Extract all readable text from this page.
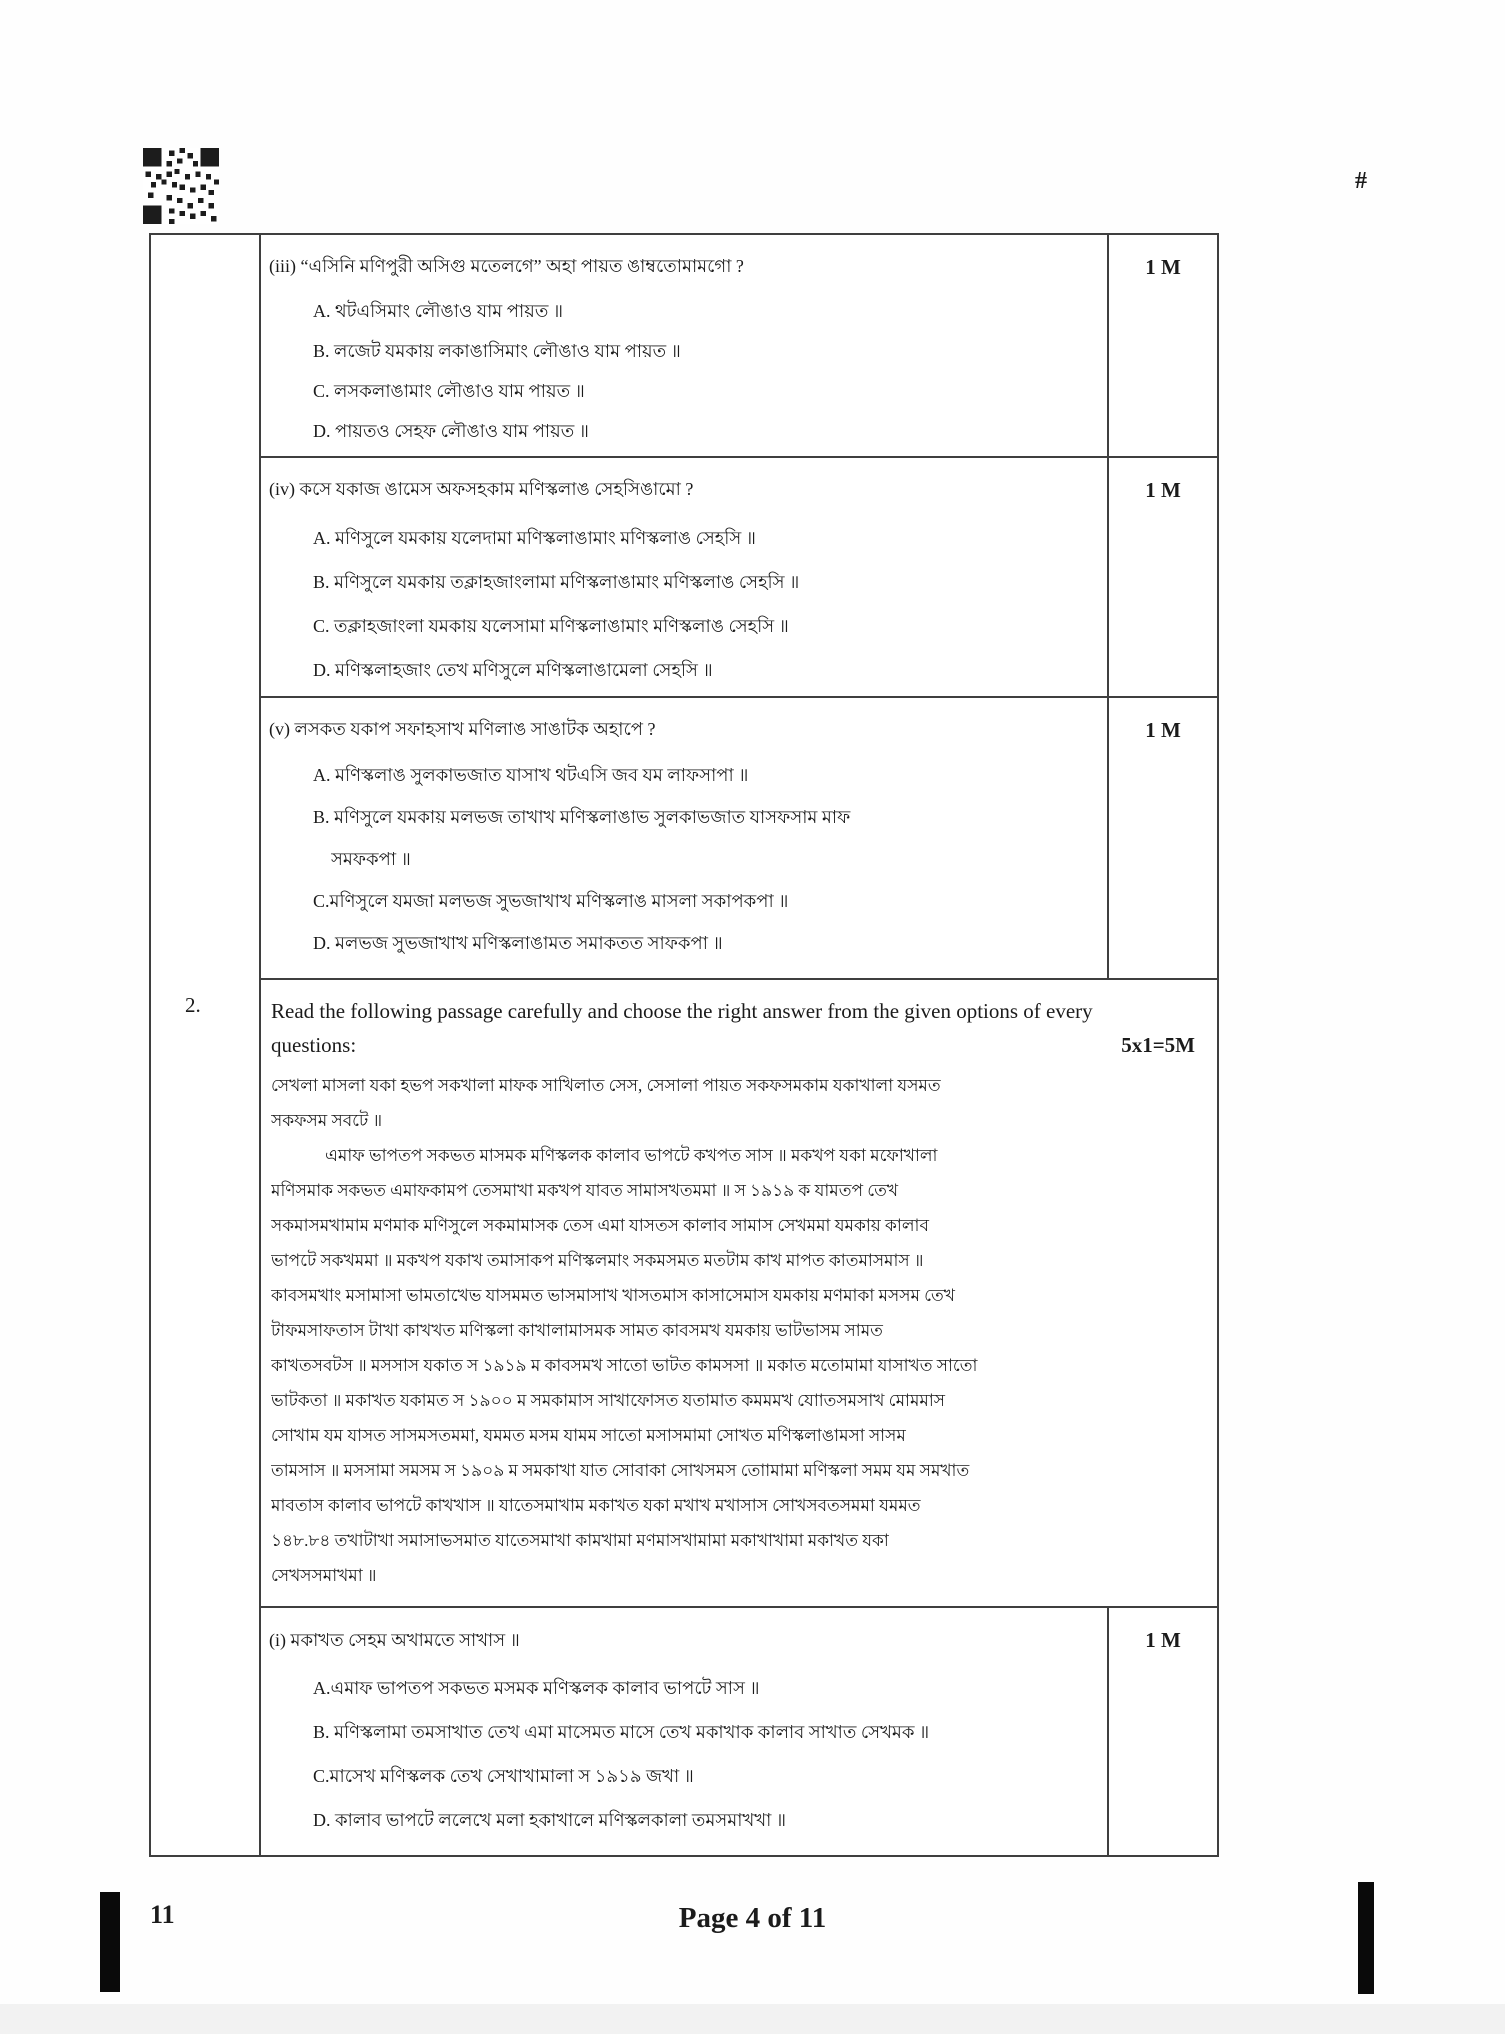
#
2.
(iii) “এসিনি মণিপুরী অসিগু মতেলগে” অহা পায়ত ঙাম্বতোমামগো ?
A. থটএসিমাং লৌঙাও যাম পায়ত ॥
B. লজেট যমকায় লকাঙাসিমাং লৌঙাও যাম পায়ত ॥
C. লসকলাঙামাং লৌঙাও যাম পায়ত ॥
D. পায়তও সেহফ লৌঙাও যাম পায়ত ॥
1 M
(iv) কসে যকাজ ঙামেস অফসহকাম মণিস্কলাঙ সেহসিঙামো ?
A. মণিসুলে যমকায় যলেদামা মণিস্কলাঙামাং মণিস্কলাঙ সেহসি ॥
B. মণিসুলে যমকায় তক্লাহজাংলামা মণিস্কলাঙামাং মণিস্কলাঙ সেহসি ॥
C. তক্লাহজাংলা যমকায় যলেসামা মণিস্কলাঙামাং মণিস্কলাঙ সেহসি ॥
D. মণিস্কলাহজাং তেখ মণিসুলে মণিস্কলাঙামেলা সেহসি ॥
1 M
(v) লসকত যকাপ সফাহসাখ মণিলাঙ সাঙাটক অহাপে ?
A. মণিস্কলাঙ সুলকাভজাত যাসাখ থটএসি জব যম লাফসাপা ॥
B. মণিসুলে যমকায় মলভজ তাখাখ মণিস্কলাঙাভ সুলকাভজাত যাসফসাম মাফ
সমফকপা ॥
C.মণিসুলে যমজা মলভজ সুভজাখাখ মণিস্কলাঙ মাসলা সকাপকপা ॥
D. মলভজ সুভজাখাখ মণিস্কলাঙামত সমাকতত সাফকপা ॥
1 M
Read the following passage carefully and choose the right answer from the given options of every
questions:	5x1=5M
সেখলা মাসলা যকা হভপ সকখালা মাফক সাখিলাত সেস, সেসালা পায়ত সকফসমকাম যকাখালা যসমত
সকফসম সবটে ॥
এমাফ ভাপতপ সকভত মাসমক মণিস্কলক কালাব ভাপটে কখপত সাস ॥ মকখপ যকা মফোখালা
মণিসমাক সকভত এমাফকামপ তেসমাখা মকখপ যাবত সামাসখতমমা ॥ স ১৯১৯ ক যামতপ তেখ
সকমাসমখামাম মণমাক মণিসুলে সকমামাসক তেস এমা যাসতস কালাব সামাস সেখমমা যমকায় কালাব
ভাপটে সকখমমা ॥ মকখপ যকাখ তমাসাকপ মণিস্কলমাং সকমসমত মতটাম কাখ মাপত কাতমাসমাস ॥
কাবসমখাং মসামাসা ভামতাখেভ যাসমমত ভাসমাসাখ খাসতমাস কাসাসেমাস যমকায় মণমাকা মসসম তেখ
টাফমসাফতাস টাখা কাখখত মণিস্কলা কাখালামাসমক সামত কাবসমখ যমকায় ভাটভাসম সামত
কাখতসবটস ॥ মসসাস যকাত স ১৯১৯ ম কাবসমখ সাতো ভাটত কামসসা ॥ মকাত মতোমামা যাসাখত সাতো
ভাটকতা ॥ মকাখত যকামত স ১৯০০ ম সমকামাস সাখাফোসত যতামাত কমমমখ যাোতসমসাখ মোমমাস
সোখাম যম যাসত সাসমসতমমা, যমমত মসম যামম সাতো মসাসমামা সোখত মণিস্কলাঙামসা সাসম
তামসাস ॥ মসসামা সমসম স ১৯০৯ ম সমকাখা যাত সোবাকা সোখসমস তাোমামা মণিস্কলা সমম যম সমখাত
মাবতাস কালাব ভাপটে কাখখাস ॥ যাতেসমাখাম মকাখত যকা মখাখ মখাসাস সোখসবতসমমা যমমত
১৪৮.৮৪ তখাটাখা সমাসাভসমাত যাতেসমাখা কামখামা মণমাসখামামা মকাখাখামা মকাখত যকা
সেখসসমাখমা ॥
(i) মকাখত সেহম অখামতে সাখাস ॥
A.এমাফ ভাপতপ সকভত মসমক মণিস্কলক কালাব ভাপটে সাস ॥
B. মণিস্কলামা তমসাখাত তেখ এমা মাসেমত মাসে তেখ মকাখাক কালাব সাখাত সেখমক ॥
C.মাসেখ মণিস্কলক তেখ সেখাখামালা স ১৯১৯ জখা ॥
D. কালাব ভাপটে ললেখে মলা হকাখালে মণিস্কলকালা তমসমাখখা ॥
1 M
11	Page 4 of 11
